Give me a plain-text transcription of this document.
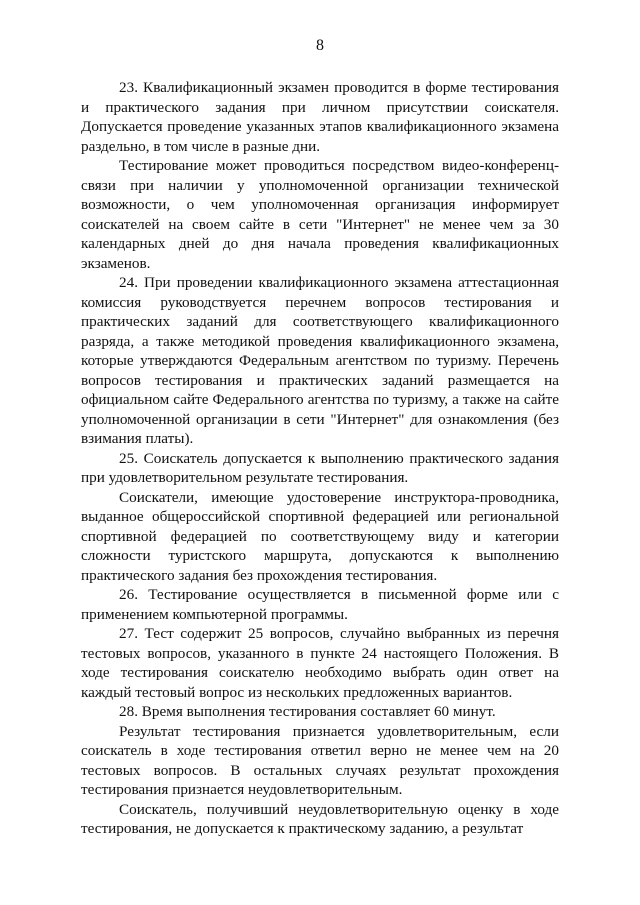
8

23. Квалификационный экзамен проводится в форме тестирования и практического задания при личном присутствии соискателя. Допускается проведение указанных этапов квалификационного экзамена раздельно, в том числе в разные дни.

Тестирование может проводиться посредством видео-конференц-связи при наличии у уполномоченной организации технической возможности, о чем уполномоченная организация информирует соискателей на своем сайте в сети "Интернет" не менее чем за 30 календарных дней до дня начала проведения квалификационных экзаменов.

24. При проведении квалификационного экзамена аттестационная комиссия руководствуется перечнем вопросов тестирования и практических заданий для соответствующего квалификационного разряда, а также методикой проведения квалификационного экзамена, которые утверждаются Федеральным агентством по туризму. Перечень вопросов тестирования и практических заданий размещается на официальном сайте Федерального агентства по туризму, а также на сайте уполномоченной организации в сети "Интернет" для ознакомления (без взимания платы).

25. Соискатель допускается к выполнению практического задания при удовлетворительном результате тестирования.

Соискатели, имеющие удостоверение инструктора-проводника, выданное общероссийской спортивной федерацией или региональной спортивной федерацией по соответствующему виду и категории сложности туристского маршрута, допускаются к выполнению практического задания без прохождения тестирования.

26. Тестирование осуществляется в письменной форме или с применением компьютерной программы.

27. Тест содержит 25 вопросов, случайно выбранных из перечня тестовых вопросов, указанного в пункте 24 настоящего Положения. В ходе тестирования соискателю необходимо выбрать один ответ на каждый тестовый вопрос из нескольких предложенных вариантов.

28. Время выполнения тестирования составляет 60 минут.

Результат тестирования признается удовлетворительным, если соискатель в ходе тестирования ответил верно не менее чем на 20 тестовых вопросов. В остальных случаях результат прохождения тестирования признается неудовлетворительным.

Соискатель, получивший неудовлетворительную оценку в ходе тестирования, не допускается к практическому заданию, а результат
